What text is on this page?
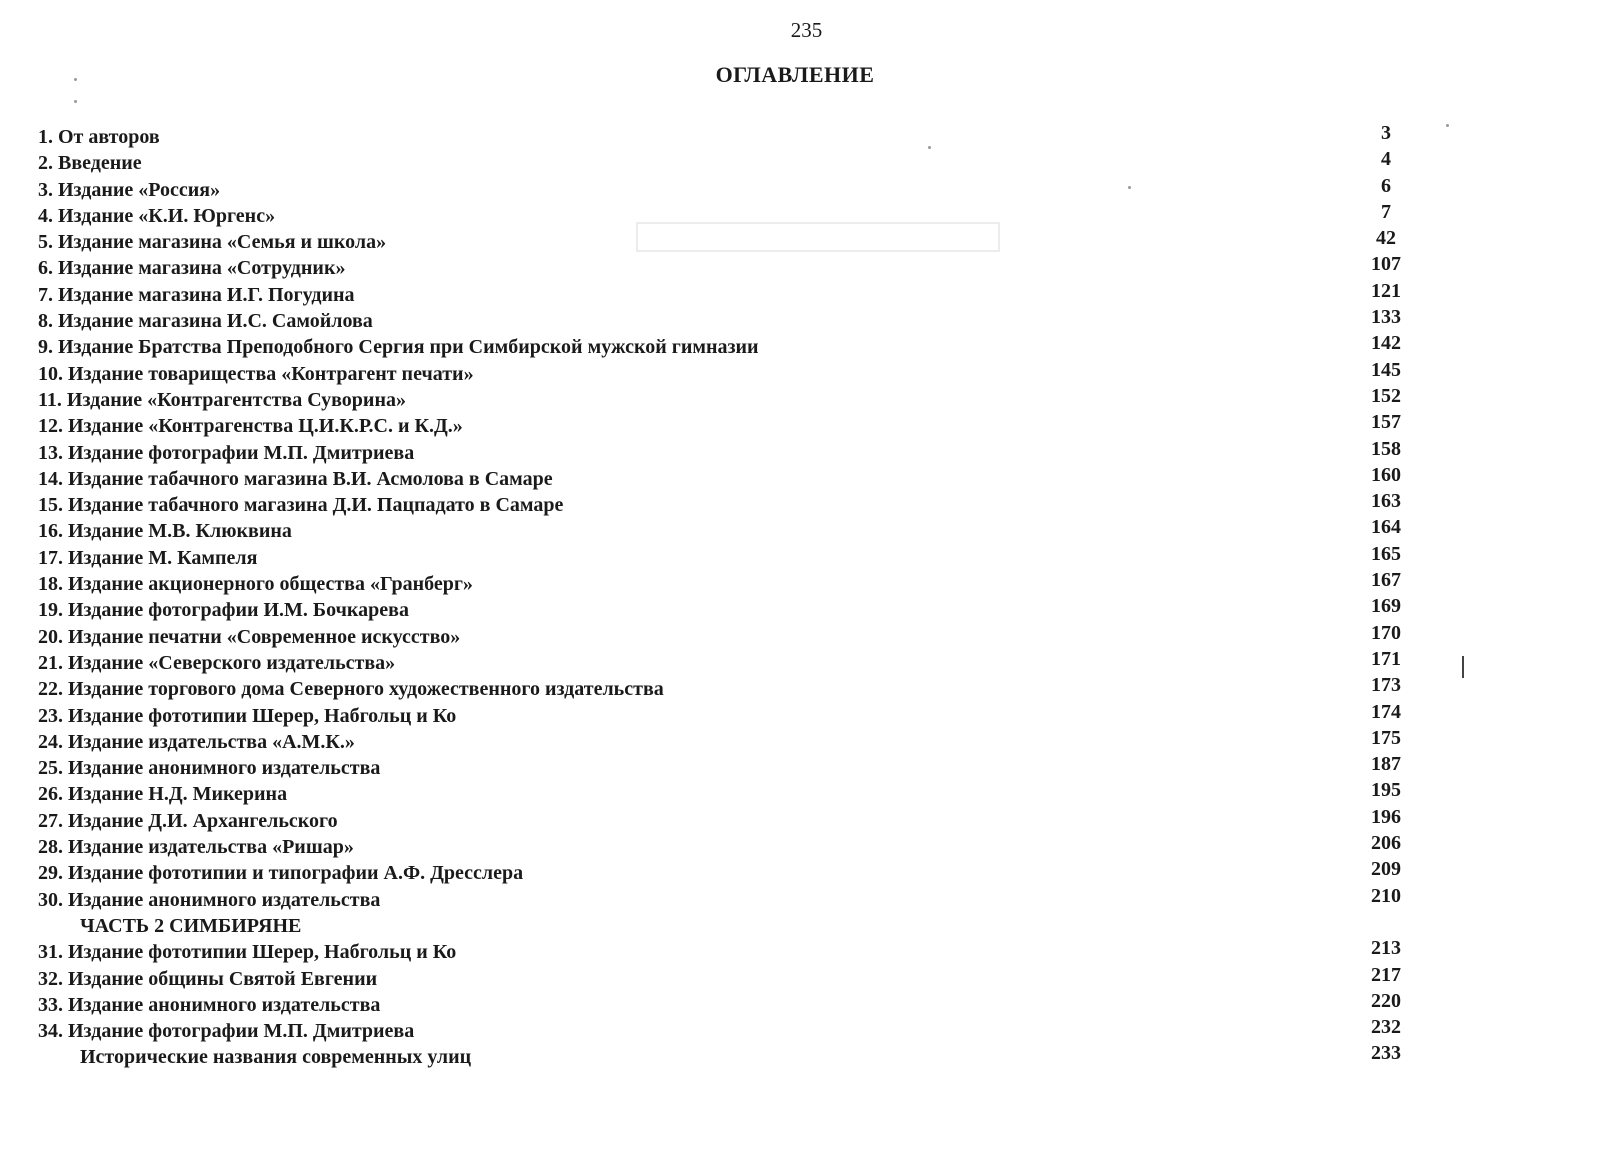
235
ОГЛАВЛЕНИЕ
1. От авторов	3
2. Введение	4
3. Издание «Россия»	6
4. Издание «К.И. Юргенс»	7
5. Издание магазина «Семья и школа»	42
6. Издание магазина «Сотрудник»	107
7. Издание магазина И.Г. Погудина	121
8. Издание магазина И.С. Самойлова	133
9. Издание Братства Преподобного Сергия при Симбирской мужской гимназии	142
10. Издание товарищества «Контрагент печати»	145
11. Издание «Контрагентства Суворина»	152
12. Издание «Контрагенства Ц.И.К.Р.С. и К.Д.»	157
13. Издание фотографии М.П. Дмитриева	158
14. Издание табачного магазина В.И. Асмолова в Самаре	160
15. Издание табачного магазина Д.И. Пацпадато в Самаре	163
16. Издание М.В. Клюквина	164
17. Издание М. Кампеля	165
18. Издание акционерного общества «Гранберг»	167
19. Издание фотографии И.М. Бочкарева	169
20. Издание печатни «Современное искусство»	170
21. Издание «Северского издательства»	171
22. Издание торгового дома Северного художественного издательства	173
23. Издание фототипии Шерер, Набгольц и Ко	174
24. Издание издательства «А.М.К.»	175
25. Издание анонимного издательства	187
26. Издание Н.Д. Микерина	195
27. Издание Д.И. Архангельского	196
28. Издание издательства «Ришар»	206
29. Издание фототипии и типографии А.Ф. Дресслера	209
30. Издание анонимного издательства	210
ЧАСТЬ 2 СИМБИРЯНЕ
31. Издание фототипии Шерер, Набгольц и Ко	213
32. Издание общины Святой Евгении	217
33. Издание анонимного издательства	220
34. Издание фотографии М.П. Дмитриева	232
Исторические названия современных улиц	233
